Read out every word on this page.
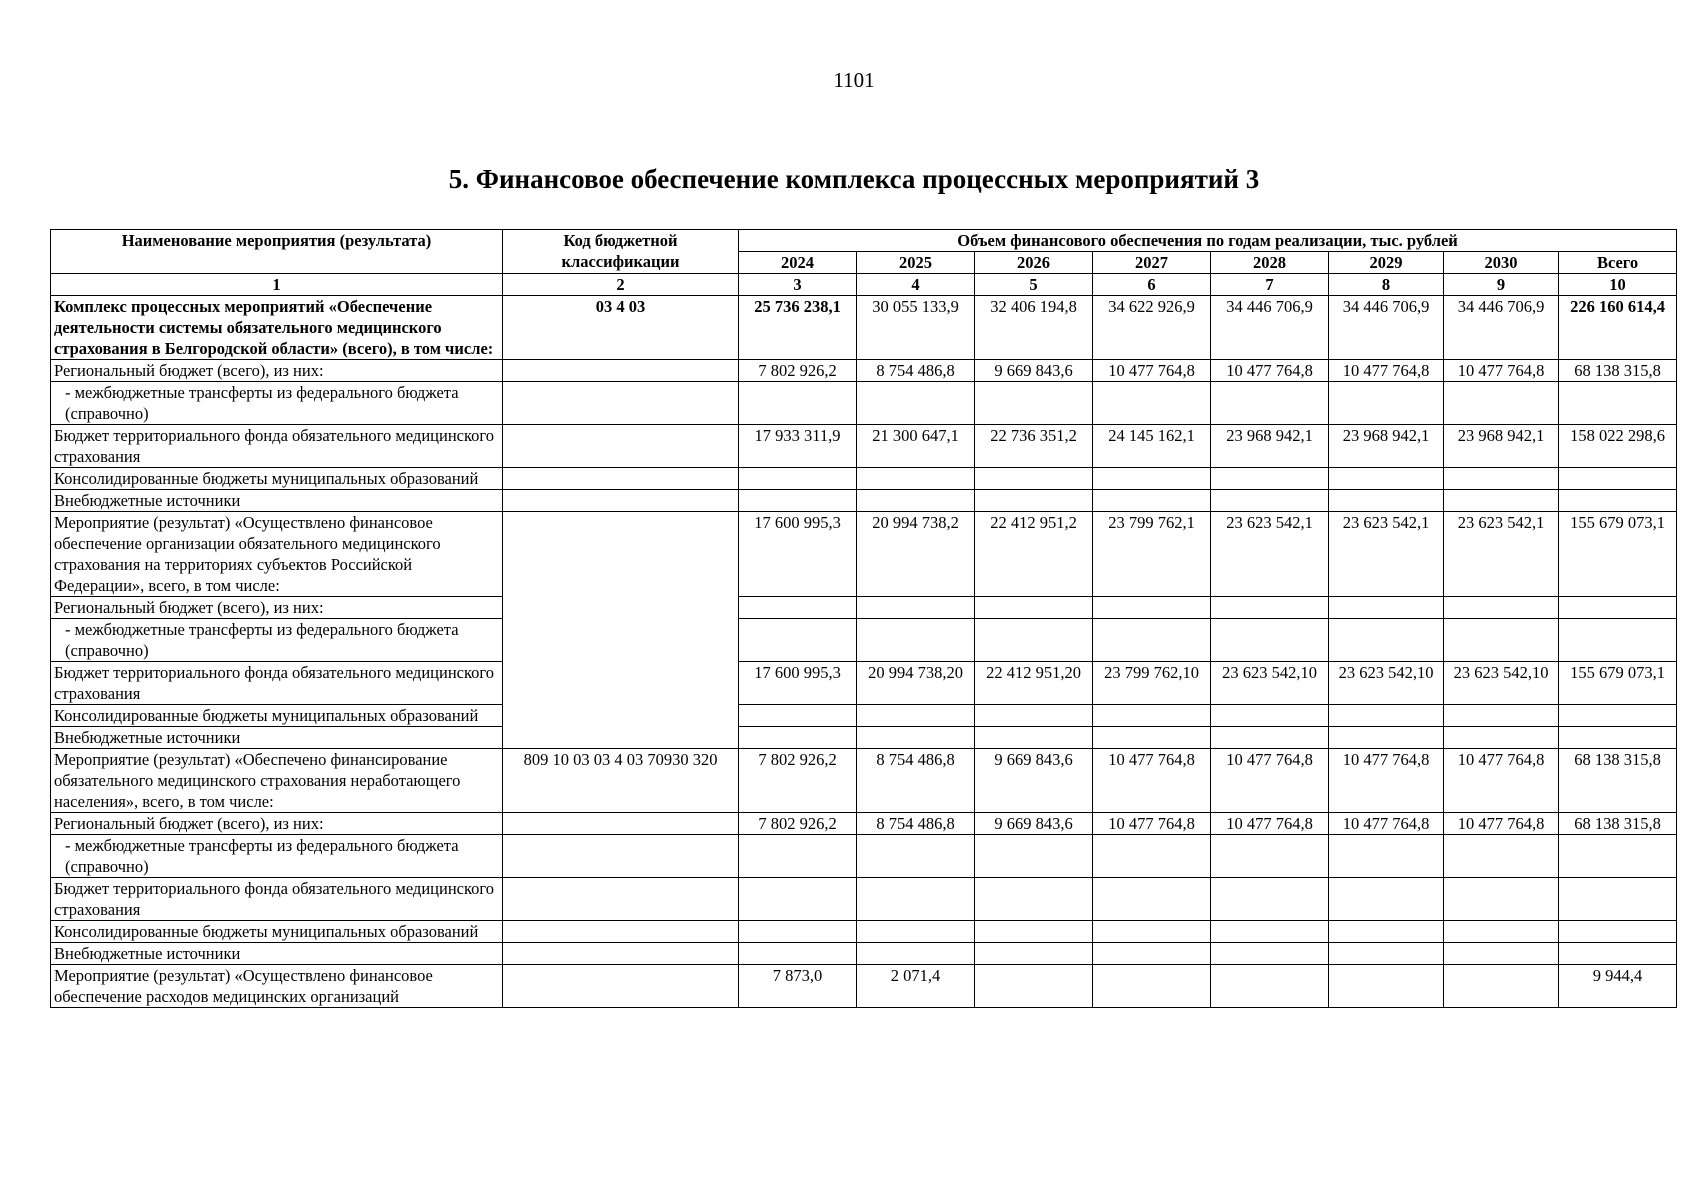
1101
5. Финансовое обеспечение комплекса процессных мероприятий 3
Наименование мероприятия (результата)	Код бюджетной классификации	Объем финансового обеспечения по годам реализации, тыс. рублей							
		2024	2025	2026	2027	2028	2029	2030	Всего
1	2	3	4	5	6	7	8	9	10
Комплекс процессных мероприятий «Обеспечение деятельности системы обязательного медицинского страхования в Белгородской области» (всего), в том числе:	03 4 03	25 736 238,1	30 055 133,9	32 406 194,8	34 622 926,9	34 446 706,9	34 446 706,9	34 446 706,9	226 160 614,4
Региональный бюджет (всего), из них:		7 802 926,2	8 754 486,8	9 669 843,6	10 477 764,8	10 477 764,8	10 477 764,8	10 477 764,8	68 138 315,8
- межбюджетные трансферты из федерального бюджета (справочно)									
Бюджет территориального фонда обязательного медицинского страхования		17 933 311,9	21 300 647,1	22 736 351,2	24 145 162,1	23 968 942,1	23 968 942,1	23 968 942,1	158 022 298,6
Консолидированные бюджеты муниципальных образований									
Внебюджетные источники									
Мероприятие (результат) «Осуществлено финансовое обеспечение организации обязательного медицинского страхования на территориях субъектов Российской Федерации», всего, в том числе:		17 600 995,3	20 994 738,2	22 412 951,2	23 799 762,1	23 623 542,1	23 623 542,1	23 623 542,1	155 679 073,1
Региональный бюджет (всего), из них:									
- межбюджетные трансферты из федерального бюджета (справочно)									
Бюджет территориального фонда обязательного медицинского страхования		17 600 995,3	20 994 738,20	22 412 951,20	23 799 762,10	23 623 542,10	23 623 542,10	23 623 542,10	155 679 073,1
Консолидированные бюджеты муниципальных образований									
Внебюджетные источники									
Мероприятие (результат) «Обеспечено финансирование обязательного медицинского страхования неработающего населения», всего, в том числе:	809 10 03 03 4 03 70930 320	7 802 926,2	8 754 486,8	9 669 843,6	10 477 764,8	10 477 764,8	10 477 764,8	10 477 764,8	68 138 315,8
Региональный бюджет (всего), из них:		7 802 926,2	8 754 486,8	9 669 843,6	10 477 764,8	10 477 764,8	10 477 764,8	10 477 764,8	68 138 315,8
- межбюджетные трансферты из федерального бюджета (справочно)									
Бюджет территориального фонда обязательного медицинского страхования									
Консолидированные бюджеты муниципальных образований									
Внебюджетные источники									
Мероприятие (результат) «Осуществлено финансовое обеспечение расходов медицинских организаций		7 873,0	2 071,4						9 944,4
